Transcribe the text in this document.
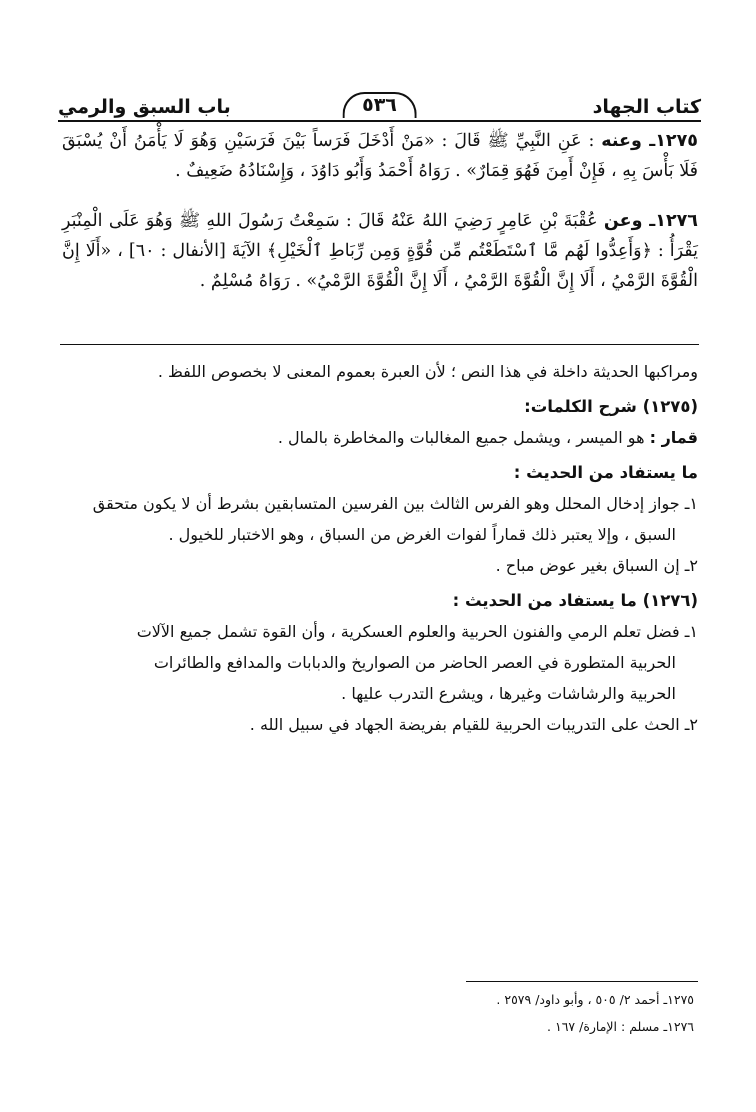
كتاب الجهاد
٥٣٦
باب السبق والرمي
١٢٧٥ـ وعنه : عَنِ النَّبِيِّ ﷺ قَالَ : «مَنْ أَدْخَلَ فَرَساً بَيْنَ فَرَسَيْنِ وَهُوَ لَا يَأْمَنُ أَنْ يُسْبَقَ فَلَا بَأْسَ بِهِ ، فَإِنْ أَمِنَ فَهُوَ قِمَارٌ» . رَوَاهُ أَحْمَدُ وَأَبُو دَاوُدَ ، وَإِسْنَادُهُ ضَعِيفٌ .
١٢٧٦ـ وعن عُقْبَةَ بْنِ عَامِرٍ رَضِيَ اللهُ عَنْهُ قَالَ : سَمِعْتُ رَسُولَ اللهِ ﷺ وَهُوَ عَلَى الْمِنْبَرِ يَقْرَأُ : ﴿وَأَعِدُّوا لَهُم مَّا ٱسْتَطَعْتُم مِّن قُوَّةٍ وَمِن رِّبَاطِ ٱلْخَيْلِ﴾ الآيَةَ [الأنفال : ٦٠] ، «أَلَا إِنَّ الْقُوَّةَ الرَّمْيُ ، أَلَا إِنَّ الْقُوَّةَ الرَّمْيُ ، أَلَا إِنَّ الْقُوَّةَ الرَّمْيُ» . رَوَاهُ مُسْلِمٌ .

ومراكبها الحديثة داخلة في هذا النص ؛ لأن العبرة بعموم المعنى لا بخصوص اللفظ .

(١٢٧٥) شرح الكلمات:

قمار : هو الميسر ، ويشمل جميع المغالبات والمخاطرة بالمال .

ما يستفاد من الحديث :

١ـ جواز إدخال المحلل وهو الفرس الثالث بين الفرسين المتسابقين بشرط أن لا يكون متحقق

السبق ، وإلا يعتبر ذلك قماراً لفوات الغرض من السباق ، وهو الاختبار للخيول .

٢ـ إن السباق بغير عوض مباح .

(١٢٧٦) ما يستفاد من الحديث :

١ـ فضل تعلم الرمي والفنون الحربية والعلوم العسكرية ، وأن القوة تشمل جميع الآلات

الحربية المتطورة في العصر الحاضر من الصواريخ والدبابات والمدافع والطائرات

الحربية والرشاشات وغيرها ، ويشرع التدرب عليها .

٢ـ الحث على التدريبات الحربية للقيام بفريضة الجهاد في سبيل الله .

١٢٧٥ـ أحمد ٢/ ٥٠٥ ، وأبو داود/ ٢٥٧٩ .

١٢٧٦ـ مسلم : الإمارة/ ١٦٧ .
